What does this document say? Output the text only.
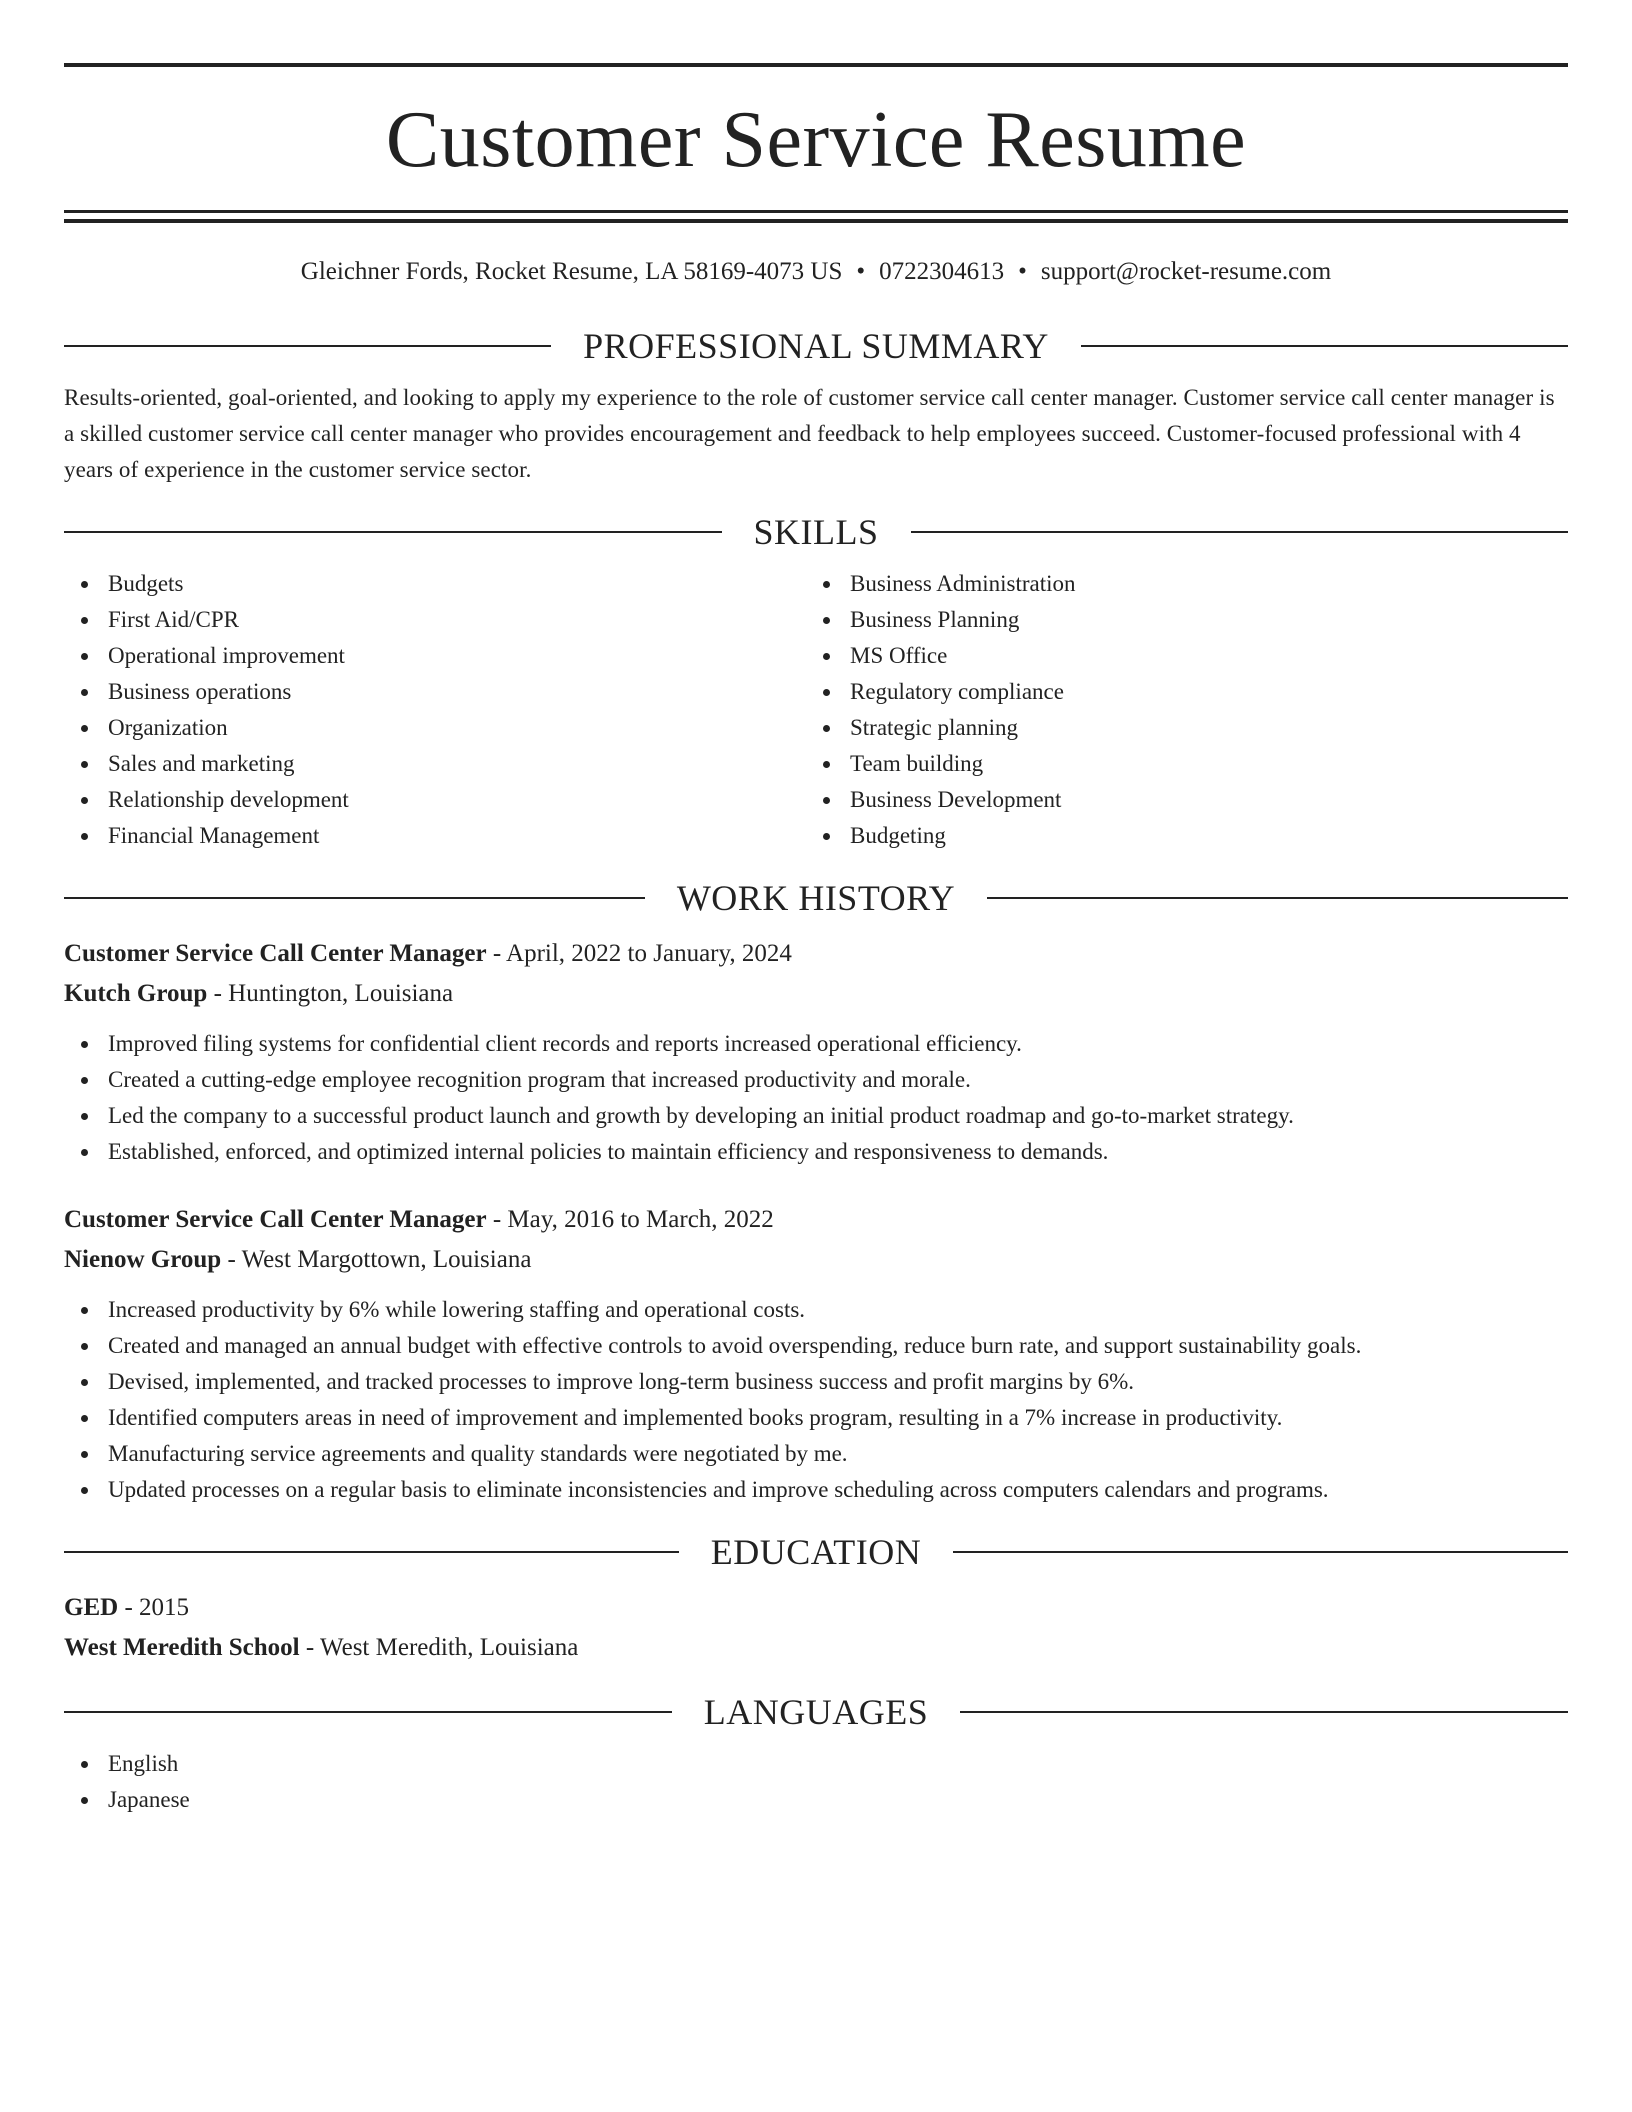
Customer Service Resume
Gleichner Fords, Rocket Resume, LA 58169-4073 US • 0722304613 • support@rocket-resume.com
PROFESSIONAL SUMMARY
Results-oriented, goal-oriented, and looking to apply my experience to the role of customer service call center manager. Customer service call center manager is a skilled customer service call center manager who provides encouragement and feedback to help employees succeed. Customer-focused professional with 4 years of experience in the customer service sector.
SKILLS
Budgets
First Aid/CPR
Operational improvement
Business operations
Organization
Sales and marketing
Relationship development
Financial Management
Business Administration
Business Planning
MS Office
Regulatory compliance
Strategic planning
Team building
Business Development
Budgeting
WORK HISTORY
Customer Service Call Center Manager - April, 2022 to January, 2024
Kutch Group - Huntington, Louisiana
Improved filing systems for confidential client records and reports increased operational efficiency.
Created a cutting-edge employee recognition program that increased productivity and morale.
Led the company to a successful product launch and growth by developing an initial product roadmap and go-to-market strategy.
Established, enforced, and optimized internal policies to maintain efficiency and responsiveness to demands.
Customer Service Call Center Manager - May, 2016 to March, 2022
Nienow Group - West Margottown, Louisiana
Increased productivity by 6% while lowering staffing and operational costs.
Created and managed an annual budget with effective controls to avoid overspending, reduce burn rate, and support sustainability goals.
Devised, implemented, and tracked processes to improve long-term business success and profit margins by 6%.
Identified computers areas in need of improvement and implemented books program, resulting in a 7% increase in productivity.
Manufacturing service agreements and quality standards were negotiated by me.
Updated processes on a regular basis to eliminate inconsistencies and improve scheduling across computers calendars and programs.
EDUCATION
GED - 2015
West Meredith School - West Meredith, Louisiana
LANGUAGES
English
Japanese
